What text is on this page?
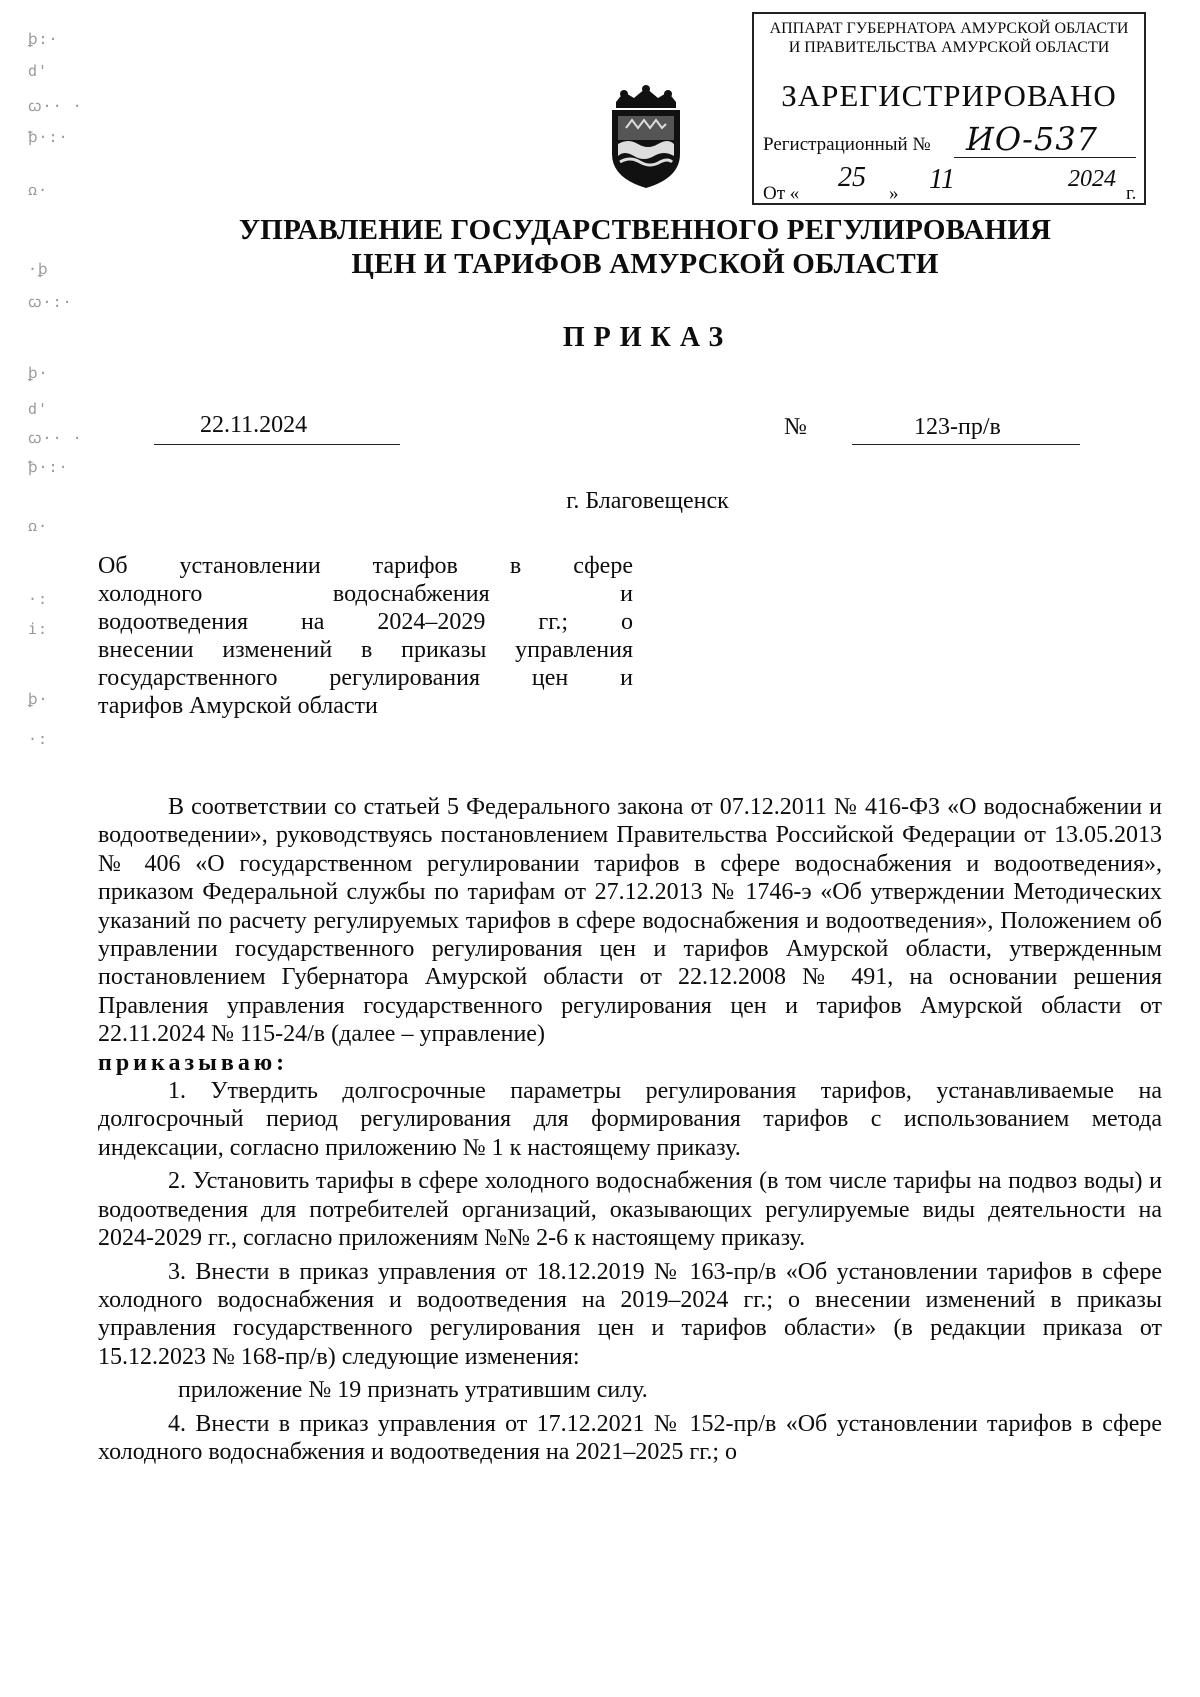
ꝧ:·
d'
ꞷ·· ·
ꝥ·:·
ꭥ·
·ꝧ
ꞷ·:·
ꝧ·
d'
ꞷ·· ·
ꝥ·:·
ꭥ·
·:
i:
ꝧ·
·:
АППАРАТ ГУБЕРНАТОРА АМУРСКОЙ ОБЛАСТИ
И ПРАВИТЕЛЬСТВА АМУРСКОЙ ОБЛАСТИ
ЗАРЕГИСТРИРОВАНО
Регистрационный № ИО-537
От «
25
» 11	2024
г.
УПРАВЛЕНИЕ ГОСУДАРСТВЕННОГО РЕГУЛИРОВАНИЯ
ЦЕН И ТАРИФОВ АМУРСКОЙ ОБЛАСТИ
ПРИКАЗ
22.11.2024	№	123-пр/в
г. Благовещенск
Об установлении тарифов в сфере
холодного водоснабжения и
водоотведения на 2024–2029 гг.; о
внесении изменений в приказы управления
государственного регулирования цен и
тарифов Амурской области

В соответствии со статьей 5 Федерального закона от 07.12.2011 № 416-ФЗ «О водоснабжении и водоотведении», руководствуясь постановлением Правительства Российской Федерации от 13.05.2013 № 406 «О государственном регулировании тарифов в сфере водоснабжения и водоотведения», приказом Федеральной службы по тарифам от 27.12.2013 № 1746-э «Об утверждении Методических указаний по расчету регулируемых тарифов в сфере водоснабжения и водоотведения», Положением об управлении государственного регулирования цен и тарифов Амурской области, утвержденным постановлением Губернатора Амурской области от 22.12.2008 № 491, на основании решения Правления управления государственного регулирования цен и тарифов Амурской области от 22.11.2024 № 115-24/в (далее – управление)

приказываю:

1. Утвердить долгосрочные параметры регулирования тарифов, устанавливаемые на долгосрочный период регулирования для формирования тарифов с использованием метода индексации, согласно приложению № 1 к настоящему приказу.

2. Установить тарифы в сфере холодного водоснабжения (в том числе тарифы на подвоз воды) и водоотведения для потребителей организаций, оказывающих регулируемые виды деятельности на 2024-2029 гг., согласно приложениям №№ 2-6 к настоящему приказу.

3. Внести в приказ управления от 18.12.2019 № 163-пр/в «Об установлении тарифов в сфере холодного водоснабжения и водоотведения на 2019–2024 гг.; о внесении изменений в приказы управления государственного регулирования цен и тарифов области» (в редакции приказа от 15.12.2023 № 168-пр/в) следующие изменения:

приложение № 19 признать утратившим силу.

4. Внести в приказ управления от 17.12.2021 № 152-пр/в «Об установлении тарифов в сфере холодного водоснабжения и водоотведения на 2021–2025 гг.; о
